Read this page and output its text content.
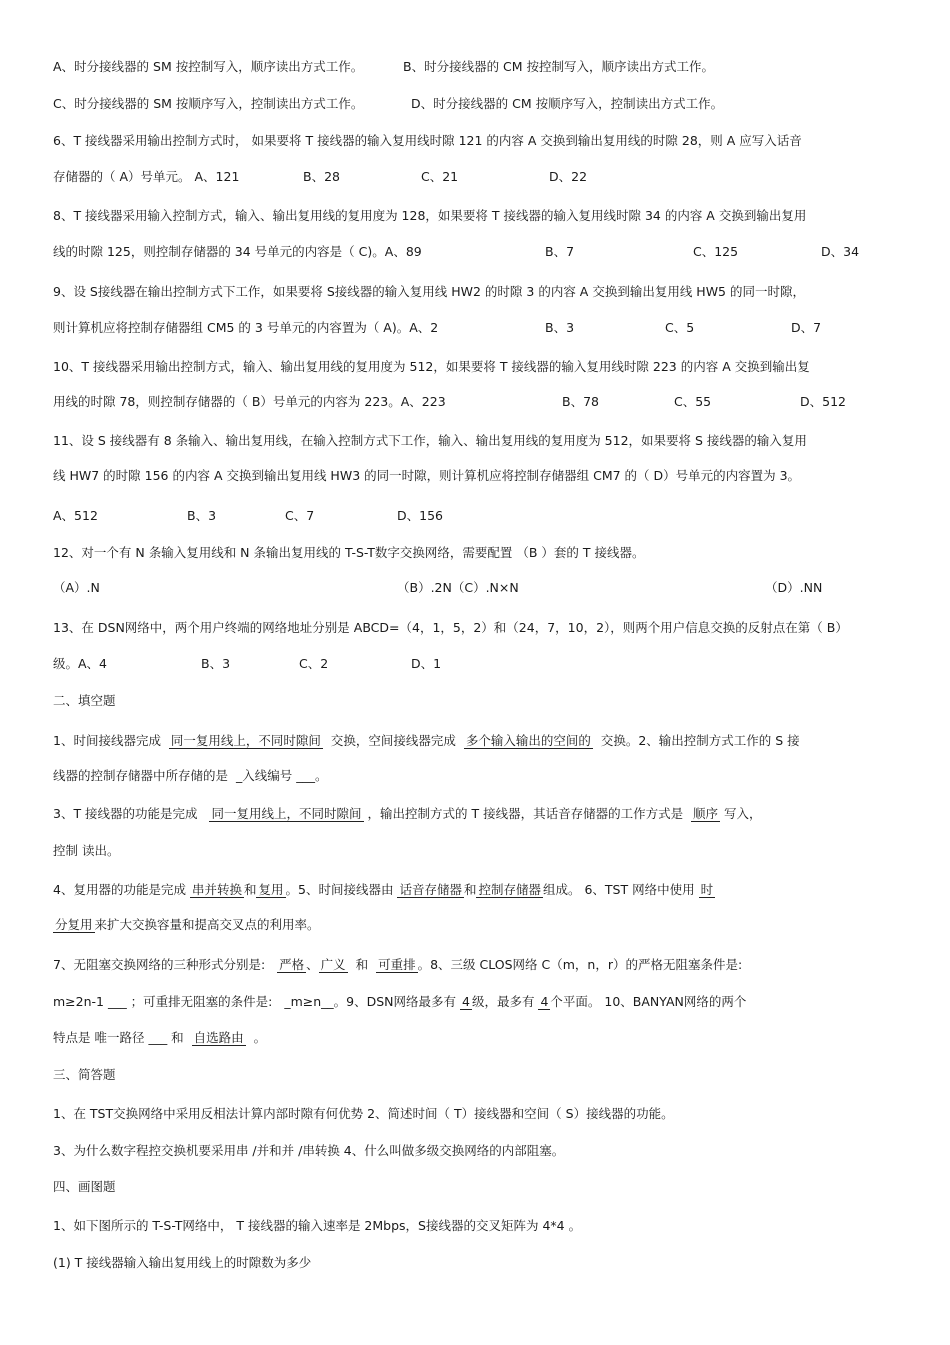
A、时分接线器的 SM 按控制写入，顺序读出方式工作。	B、时分接线器的 CM 按控制写入，顺序读出方式工作。
C、时分接线器的 SM 按顺序写入，控制读出方式工作。	D、时分接线器的 CM 按顺序写入，控制读出方式工作。
6、T 接线器采用输出控制方式时， 如果要将 T 接线器的输入复用线时隙 121 的内容 A 交换到输出复用线的时隙 28，则 A 应写入话音
存储器的（ A）号单元。 A、121	B、28	C、21	D、22
8、T 接线器采用输入控制方式，输入、输出复用线的复用度为 128，如果要将 T 接线器的输入复用线时隙 34 的内容 A 交换到输出复用
线的时隙 125，则控制存储器的 34 号单元的内容是（ C)。A、89	B、7	C、125	D、34
9、设 S接线器在输出控制方式下工作，如果要将 S接线器的输入复用线 HW2 的时隙 3 的内容 A 交换到输出复用线 HW5 的同一时隙，
则计算机应将控制存储器组 CM5 的 3 号单元的内容置为（ A)。A、2	B、3	C、5	D、7
10、T 接线器采用输出控制方式，输入、输出复用线的复用度为 512，如果要将 T 接线器的输入复用线时隙 223 的内容 A 交换到输出复
用线的时隙 78，则控制存储器的（ B）号单元的内容为 223。A、223	B、78	C、55	D、512
11、设 S 接线器有 8 条输入、输出复用线，在输入控制方式下工作，输入、输出复用线的复用度为 512，如果要将 S 接线器的输入复用
线 HW7 的时隙 156 的内容 A 交换到输出复用线 HW3 的同一时隙，则计算机应将控制存储器组 CM7 的（ D）号单元的内容置为 3。
A、512	B、3	C、7	D、156
12、对一个有 N 条输入复用线和 N 条输出复用线的 T-S-T数字交换网络，需要配置 （B ）套的 T 接线器。
（A）.N	（B）.2N（C）.N×N	（D）.NN
13、在 DSN网络中，两个用户终端的网络地址分别是 ABCD=（4，1，5，2）和（24，7，10，2），则两个用户信息交换的反射点在第（ B）
级。A、4	B、3	C、2	D、1
二、填空题
1、时间接线器完成 同一复用线上，不同时隙间 交换，空间接线器完成 多个输入输出的空间的 交换。2、输出控制方式工作的 S 接
线器的控制存储器中所存储的是 _入线编号 ___。
3、T 接线器的功能是完成 同一复用线上，不同时隙间 ，输出控制方式的 T 接线器，其话音存储器的工作方式是 顺序 写入，
控制 读出。
4、复用器的功能是完成 串并转换 和 复用 。5、时间接线器由 话音存储器 和 控制存储器 组成。 6、TST 网络中使用 时
分复用 来扩大交换容量和提高交叉点的利用率。
7、无阻塞交换网络的三种形式分别是: 严格 、 广义 和 可重排 。8、三级 CLOS网络 C（m，n，r）的严格无阻塞条件是:
m≥2n-1 ___ ；可重排无阻塞的条件是: _m≥n__。9、DSN网络最多有 4 级，最多有 4 个平面。 10、BANYAN网络的两个
特点是 唯一路径 ___ 和 自选路由 。
三、简答题
1、在 TST交换网络中采用反相法计算内部时隙有何优势 2、简述时间（ T）接线器和空间（ S）接线器的功能。
3、为什么数字程控交换机要采用串 /并和并 /串转换 4、什么叫做多级交换网络的内部阻塞。
四、画图题
1、如下图所示的 T-S-T网络中， T 接线器的输入速率是 2Mbps，S接线器的交叉矩阵为 4*4 。
(1) T 接线器输入输出复用线上的时隙数为多少
